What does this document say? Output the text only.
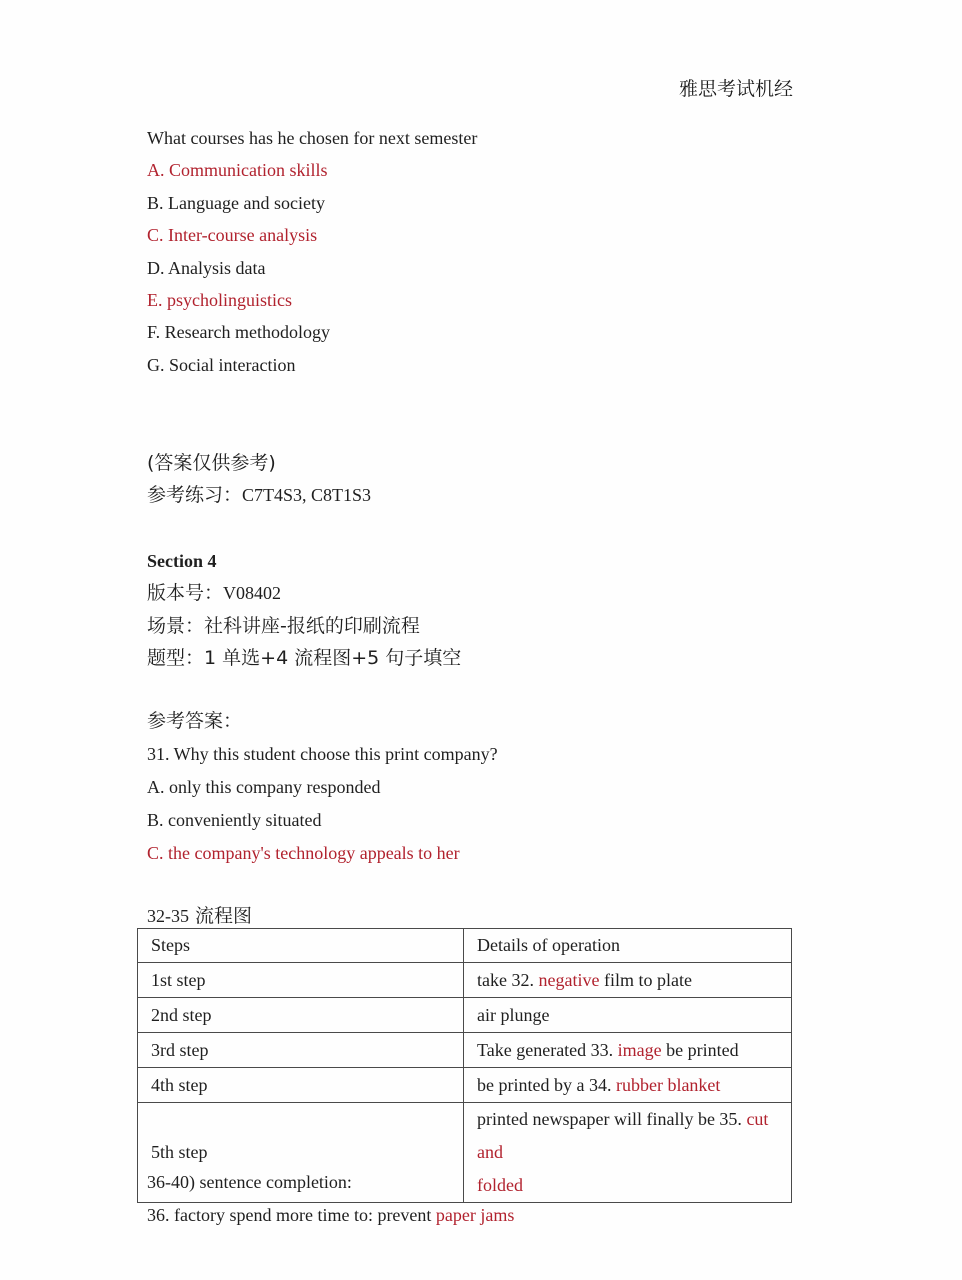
雅思考试机经
What courses has he chosen for next semester
A. Communication skills
B. Language and society
C. Inter-course analysis
D. Analysis data
E. psycholinguistics
F. Research methodology
G. Social interaction
(答案仅供参考)
参考练习：C7T4S3, C8T1S3
Section 4
版本号：V08402
场景：社科讲座-报纸的印刷流程
题型：1 单选+4 流程图+5 句子填空
参考答案：
31. Why this student choose this print company?
A. only this company responded
B. conveniently situated
C. the company's technology appeals to her
32-35 流程图
Steps	Details of operation
1st step	take 32. negative film to plate
2nd step	air plunge
3rd step	Take generated 33. image be printed
4th step	be printed by a 34. rubber blanket
5th step	printed newspaper will finally be 35. cut and
folded
36-40) sentence completion:
36. factory spend more time to: prevent paper jams
